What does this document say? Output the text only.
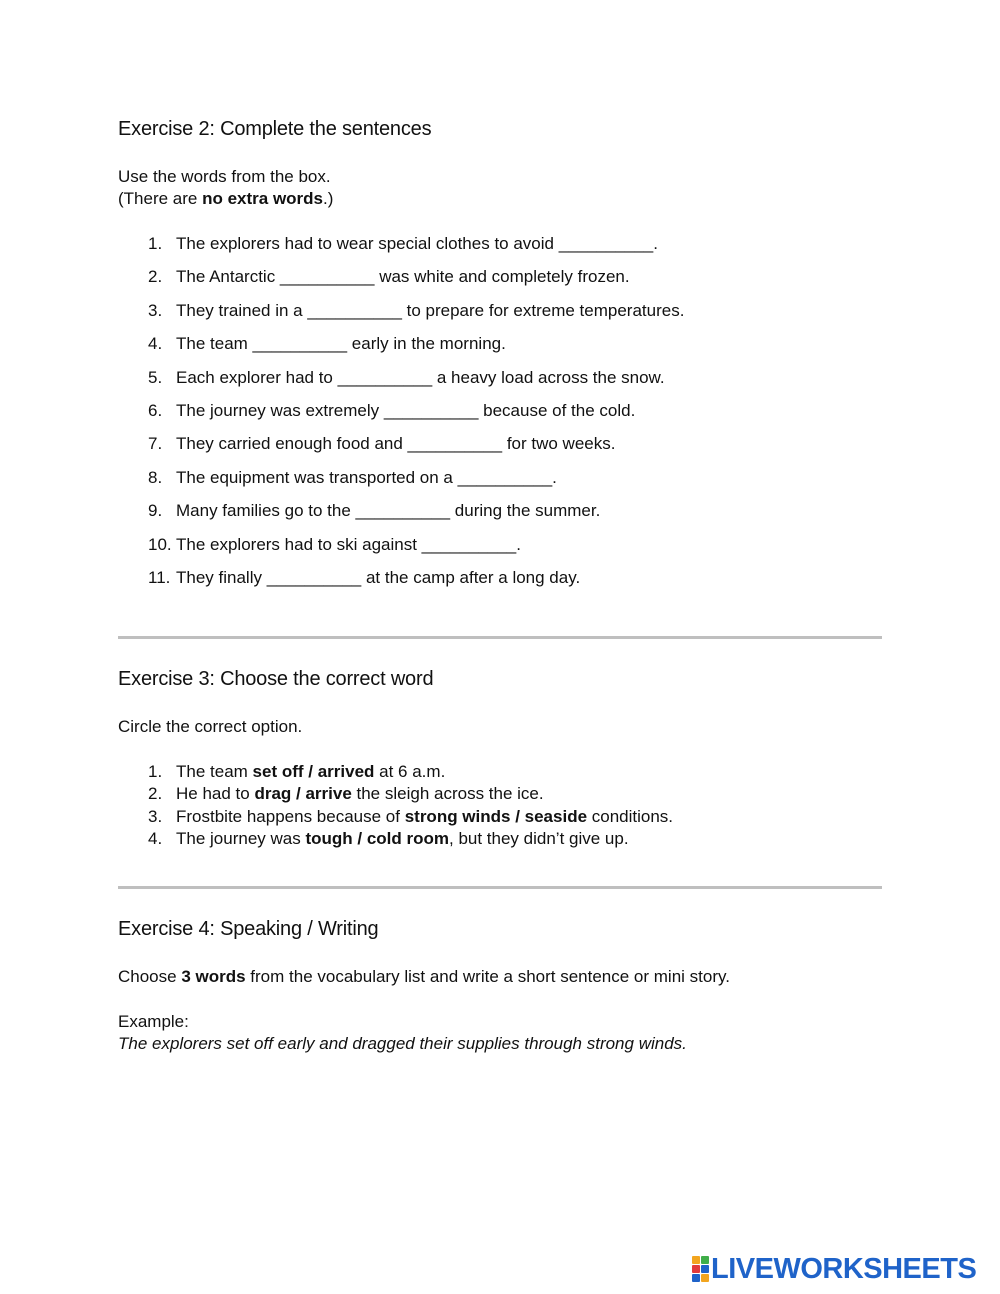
Exercise 2: Complete the sentences

Use the words from the box.
(There are no extra words.)

1. The explorers had to wear special clothes to avoid __________.
2. The Antarctic __________ was white and completely frozen.
3. They trained in a __________ to prepare for extreme temperatures.
4. The team __________ early in the morning.
5. Each explorer had to __________ a heavy load across the snow.
6. The journey was extremely __________ because of the cold.
7. They carried enough food and __________ for two weeks.
8. The equipment was transported on a __________.
9. Many families go to the __________ during the summer.
10. The explorers had to ski against __________.
11. They finally __________ at the camp after a long day.
Exercise 3: Choose the correct word

Circle the correct option.

1. The team set off / arrived at 6 a.m.
2. He had to drag / arrive the sleigh across the ice.
3. Frostbite happens because of strong winds / seaside conditions.
4. The journey was tough / cold room, but they didn’t give up.
Exercise 4: Speaking / Writing

Choose 3 words from the vocabulary list and write a short sentence or mini story.

Example:
The explorers set off early and dragged their supplies through strong winds.

LIVEWORKSHEETS
